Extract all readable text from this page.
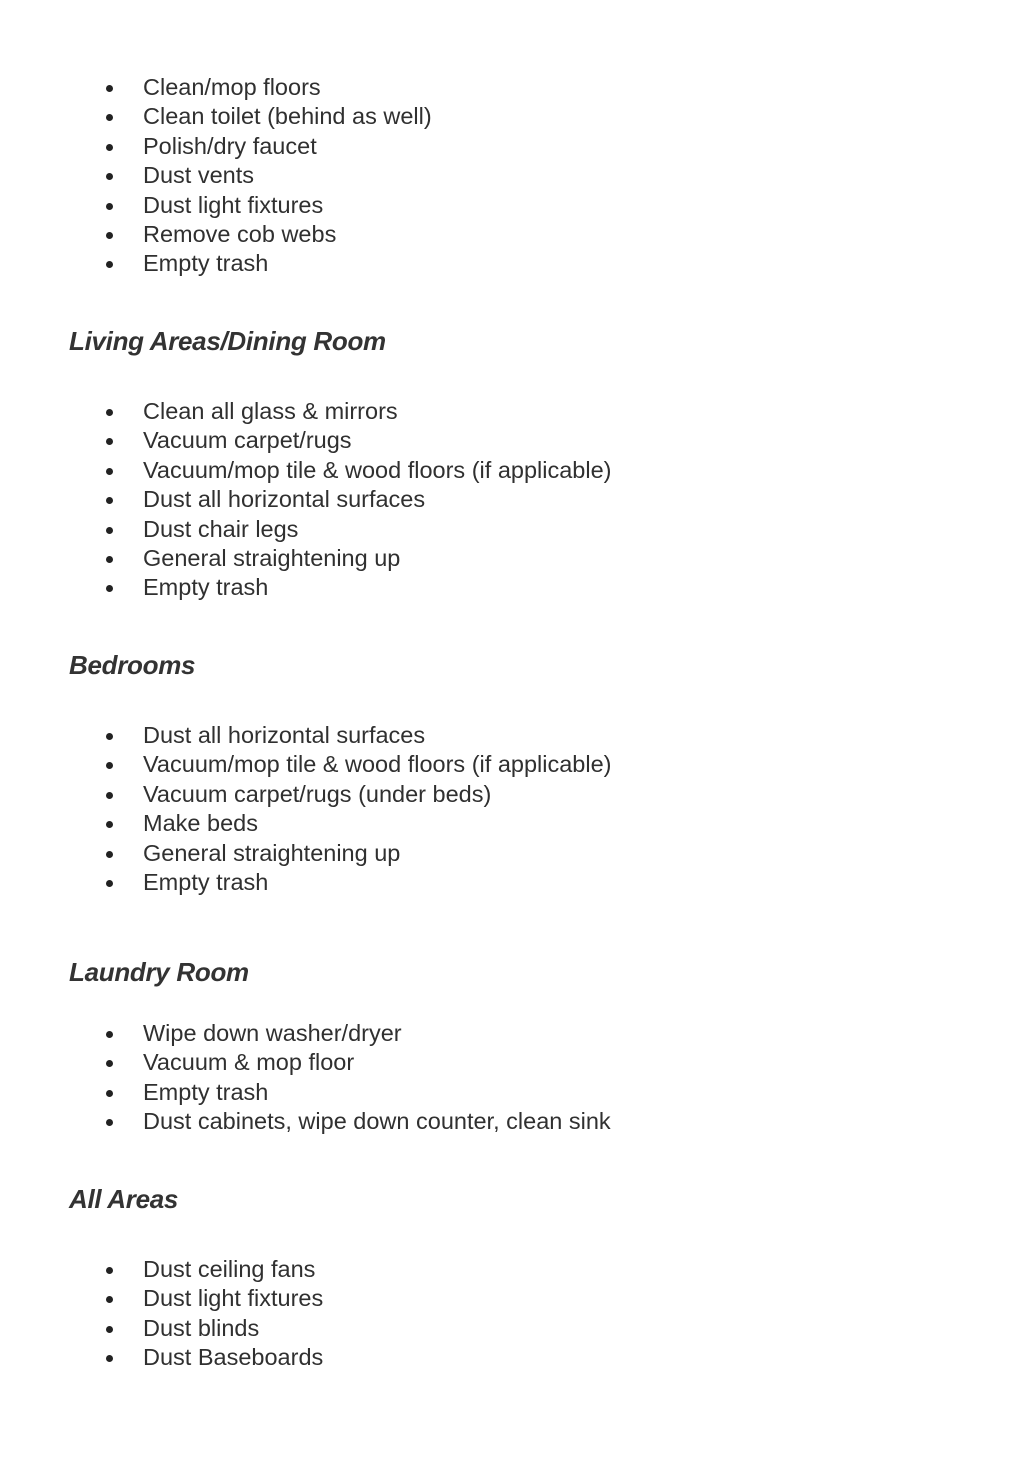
Clean/mop floors
Clean toilet (behind as well)
Polish/dry faucet
Dust vents
Dust light fixtures
Remove cob webs
Empty trash
Living Areas/Dining Room
Clean all glass & mirrors
Vacuum carpet/rugs
Vacuum/mop tile & wood floors (if applicable)
Dust all horizontal surfaces
Dust chair legs
General straightening up
Empty trash
Bedrooms
Dust all horizontal surfaces
Vacuum/mop tile & wood floors (if applicable)
Vacuum carpet/rugs (under beds)
Make beds
General straightening up
Empty trash
Laundry Room
Wipe down washer/dryer
Vacuum & mop floor
Empty trash
Dust cabinets, wipe down counter, clean sink
All Areas
Dust ceiling fans
Dust light fixtures
Dust blinds
Dust Baseboards
